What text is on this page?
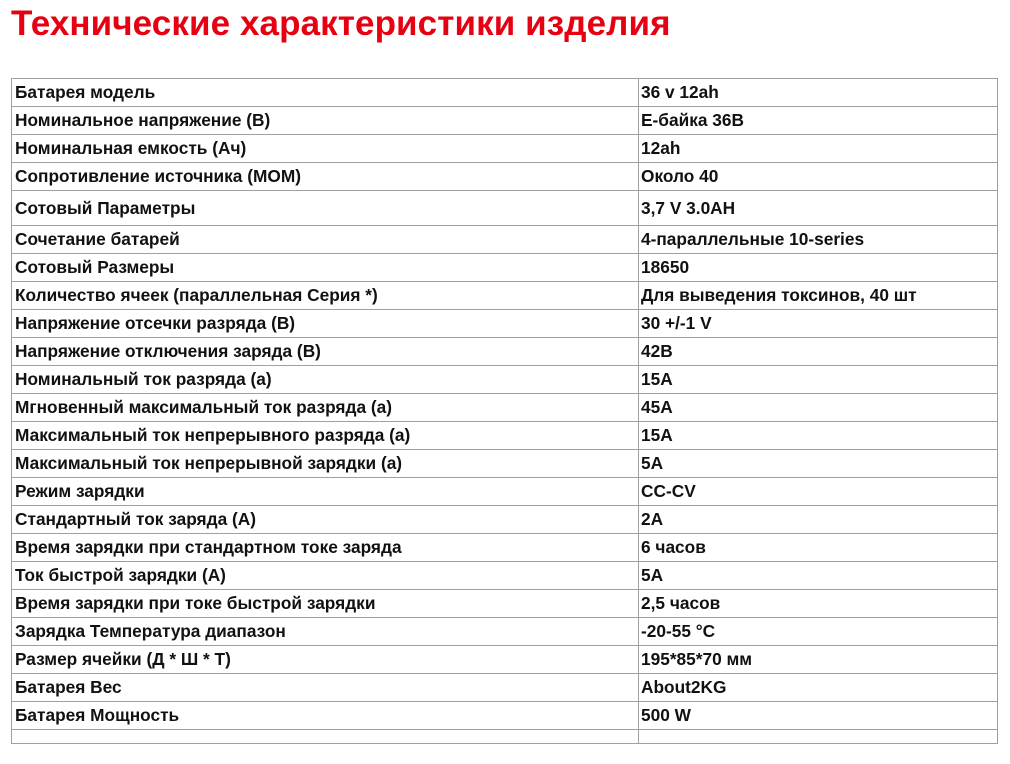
Технические характеристики изделия
Батарея модель	36 v 12ah
Номинальное напряжение (В)	E-байка 36В
Номинальная емкость (Ач)	12ah
Сопротивление источника (МОМ)	Около 40
Сотовый Параметры	3,7 V 3.0AH
Сочетание батарей	4-параллельные 10-series
Сотовый Размеры	18650
Количество ячеек (параллельная Серия *)	Для выведения токсинов, 40 шт
Напряжение отсечки разряда (В)	30 +/-1 V
Напряжение отключения заряда (В)	42В
Номинальный ток разряда (а)	15A
Мгновенный максимальный ток разряда (а)	45A
Максимальный ток непрерывного разряда (а)	15A
Максимальный ток непрерывной зарядки (а)	5A
Режим зарядки	CC-CV
Стандартный ток заряда (А)	2A
Время зарядки при стандартном токе заряда	6 часов
Ток быстрой зарядки (А)	5A
Время зарядки при токе быстрой зарядки	2,5 часов
Зарядка Температура диапазон	-20-55 °C
Размер ячейки (Д * Ш * Т)	195*85*70 мм
Батарея Вес	About2KG
Батарея Мощность	500 W
